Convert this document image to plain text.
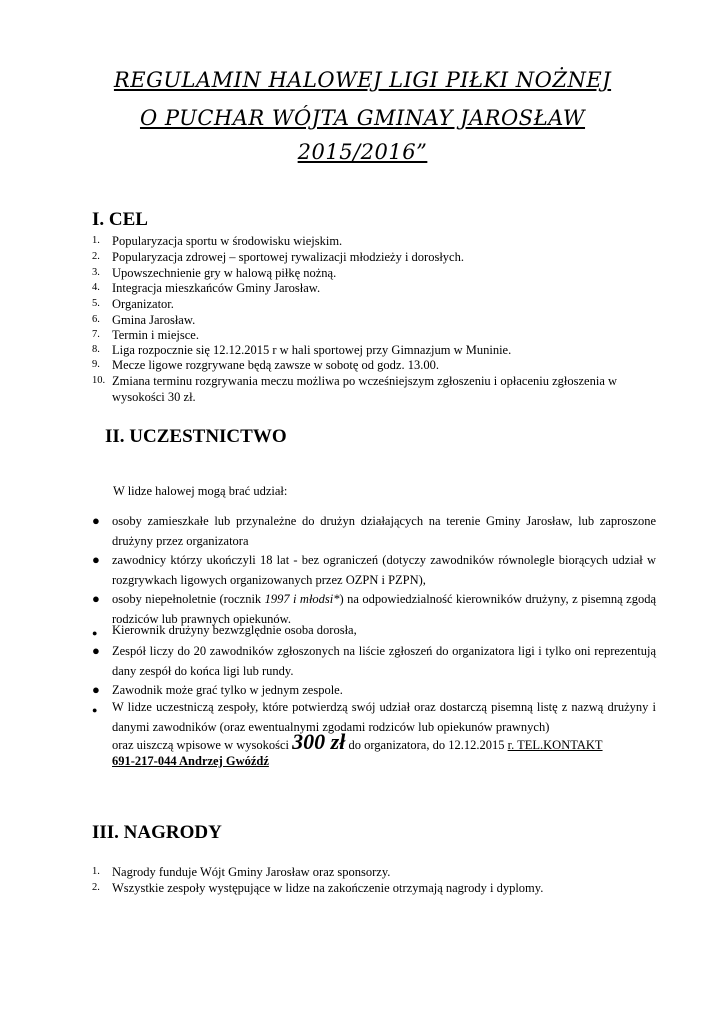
REGULAMIN HALOWEJ LIGI PIŁKI NOŻNEJ
O PUCHAR WÓJTA GMINAY JAROSŁAW
2015/2016”
I. CEL
1. Popularyzacja sportu w środowisku wiejskim.
2. Popularyzacja zdrowej – sportowej rywalizacji młodzieży i dorosłych.
3. Upowszechnienie gry w halową piłkę nożną.
4. Integracja mieszkańców Gminy Jarosław.
5. Organizator.
6. Gmina Jarosław.
7. Termin i miejsce.
8. Liga rozpocznie się 12.12.2015 r w hali sportowej przy Gimnazjum w Muninie.
9. Mecze ligowe rozgrywane będą zawsze w sobotę od godz. 13.00.
10. Zmiana terminu rozgrywania meczu możliwa po wcześniejszym zgłoszeniu i opłaceniu zgłoszenia w wysokości 30 zł.
II. UCZESTNICTWO
W lidze halowej mogą brać udział:
● osoby zamieszkałe lub przynależne do drużyn działających na terenie Gminy Jarosław, lub zaproszone drużyny przez organizatora
● zawodnicy którzy ukończyli 18 lat - bez ograniczeń (dotyczy zawodników równolegle biorących udział w rozgrywkach ligowych organizowanych przez OZPN i PZPN),
● osoby niepełnoletnie (rocznik 1997 i młodsi*) na odpowiedzialność kierowników drużyny, z pisemną zgodą rodziców lub prawnych opiekunów.
● Kierownik drużyny bezwzględnie osoba dorosła,
● Zespół liczy do 20 zawodników zgłoszonych na liście zgłoszeń do organizatora ligi i tylko oni reprezentują dany zespół do końca ligi lub rundy.
● Zawodnik może grać tylko w jednym zespole.
● W lidze uczestniczą zespoły, które potwierdzą swój udział oraz dostarczą pisemną listę z nazwą drużyny i danymi zawodników (oraz ewentualnymi zgodami rodziców lub opiekunów prawnych)
oraz uiszczą wpisowe w wysokości 300 zł do organizatora, do 12.12.2015 r. TEL.KONTAKT
691-217-044 Andrzej Gwóźdź
III. NAGRODY
1. Nagrody funduje Wójt Gminy Jarosław oraz sponsorzy.
2. Wszystkie zespoły występujące w lidze na zakończenie otrzymają nagrody i dyplomy.
